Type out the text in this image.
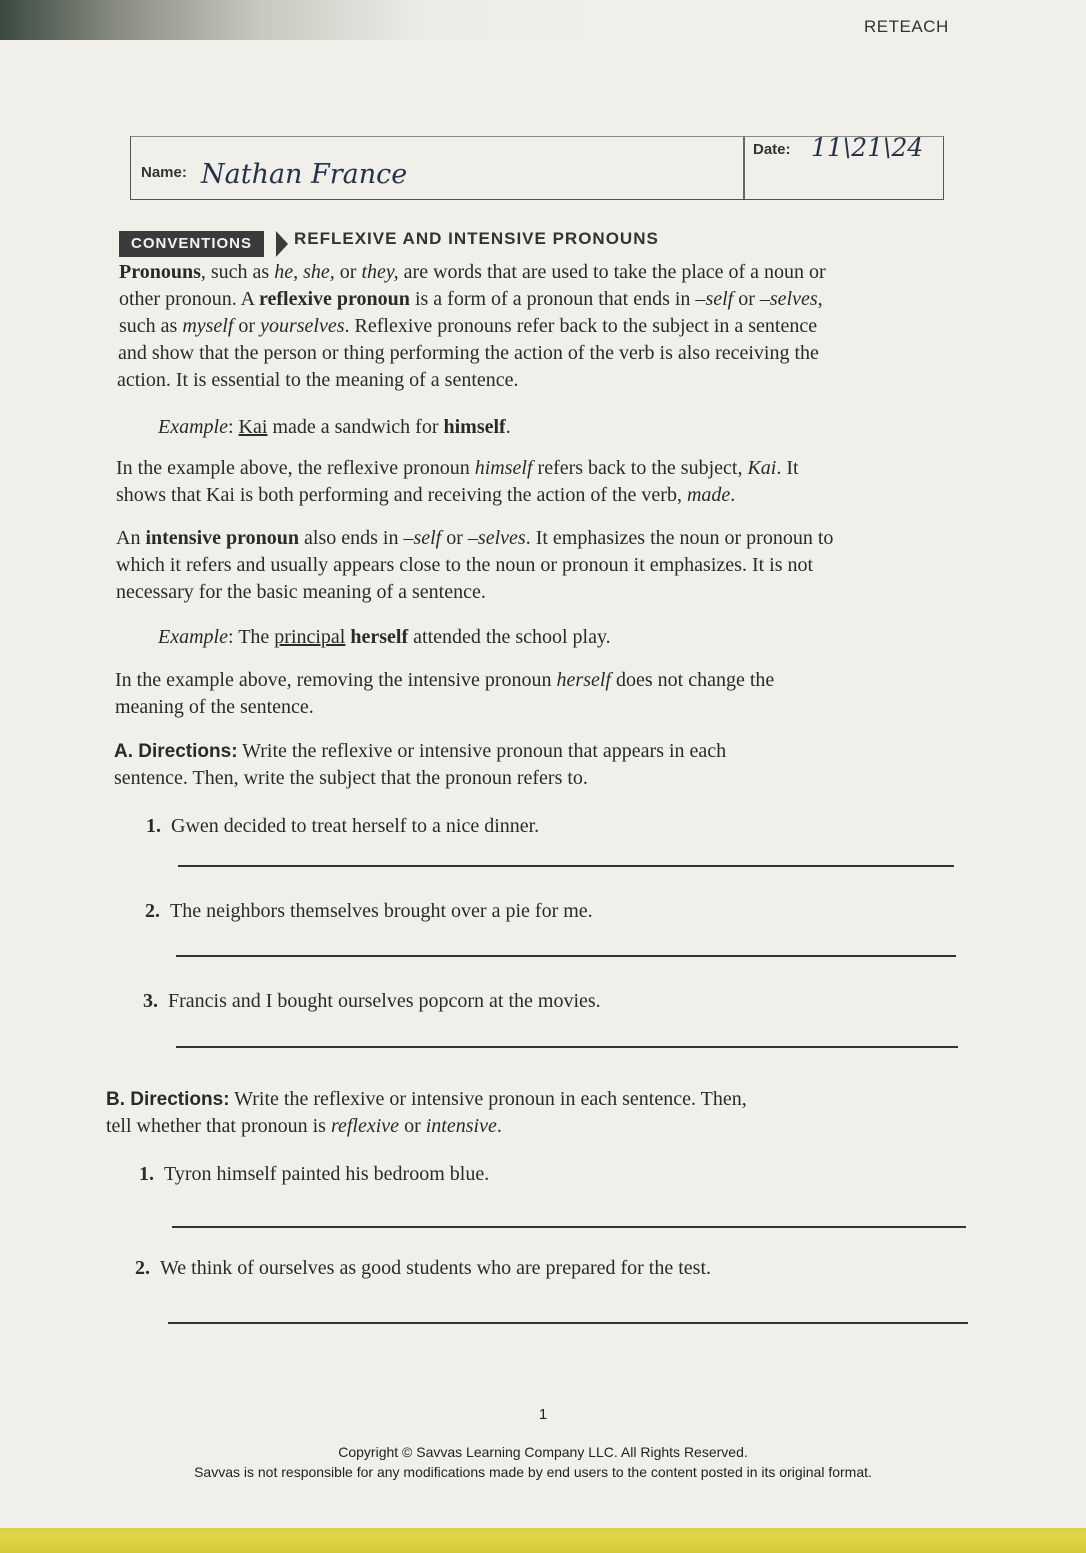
RETEACH
Name: Nathan France
Date: 11\21\24
CONVENTIONS	REFLEXIVE AND INTENSIVE PRONOUNS

Pronouns, such as he, she, or they, are words that are used to take the place of a noun or

other pronoun. A reflexive pronoun is a form of a pronoun that ends in –self or –selves,

such as myself or yourselves. Reflexive pronouns refer back to the subject in a sentence

and show that the person or thing performing the action of the verb is also receiving the

action. It is essential to the meaning of a sentence.

Example: Kai made a sandwich for himself.

In the example above, the reflexive pronoun himself refers back to the subject, Kai. It

shows that Kai is both performing and receiving the action of the verb, made.

An intensive pronoun also ends in –self or –selves. It emphasizes the noun or pronoun to

which it refers and usually appears close to the noun or pronoun it emphasizes. It is not

necessary for the basic meaning of a sentence.

Example: The principal herself attended the school play.

In the example above, removing the intensive pronoun herself does not change the

meaning of the sentence.

A. Directions: Write the reflexive or intensive pronoun that appears in each

sentence. Then, write the subject that the pronoun refers to.

1. Gwen decided to treat herself to a nice dinner.

2. The neighbors themselves brought over a pie for me.

3. Francis and I bought ourselves popcorn at the movies.

B. Directions: Write the reflexive or intensive pronoun in each sentence. Then,

tell whether that pronoun is reflexive or intensive.

1. Tyron himself painted his bedroom blue.

2. We think of ourselves as good students who are prepared for the test.

1
Copyright © Savvas Learning Company LLC. All Rights Reserved.
Savvas is not responsible for any modifications made by end users to the content posted in its original format.
